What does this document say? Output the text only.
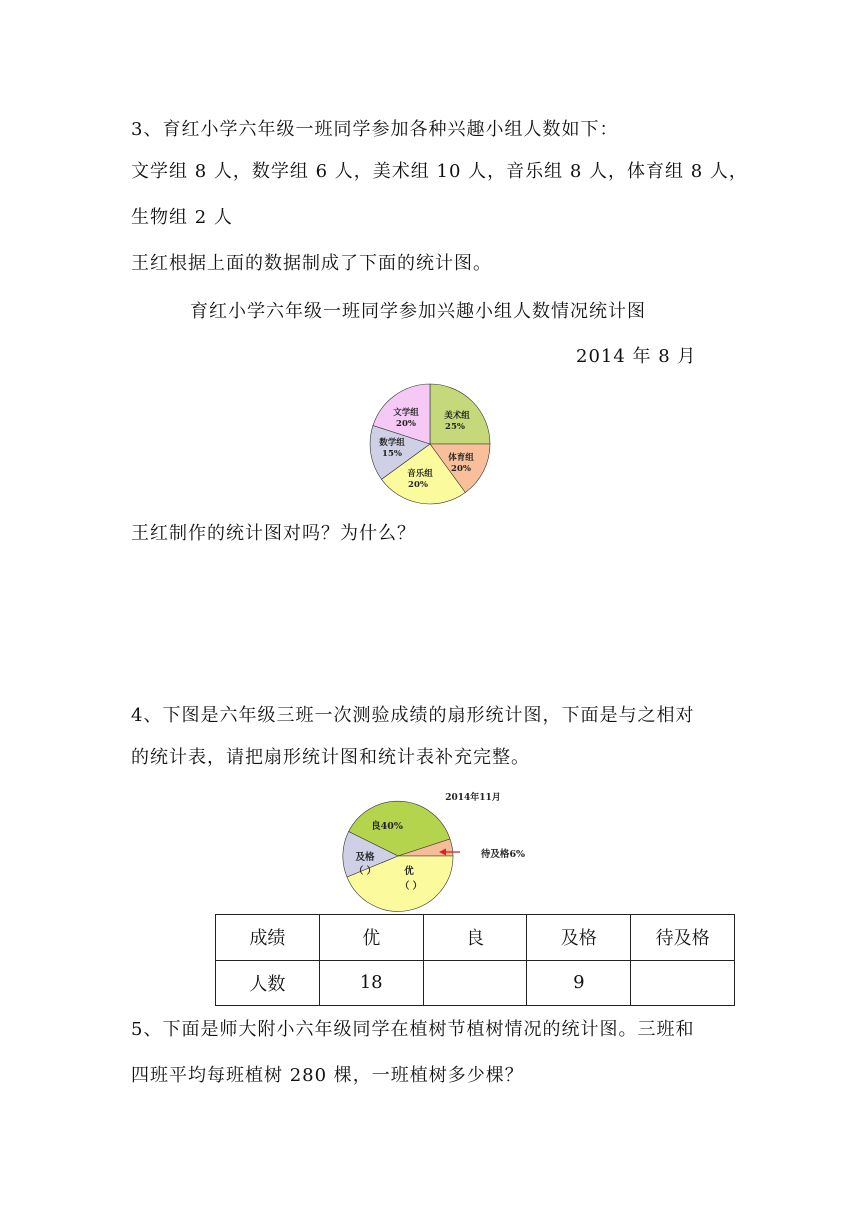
3、育红小学六年级一班同学参加各种兴趣小组人数如下：
文学组 8 人，数学组 6 人，美术组 10 人，音乐组 8 人，体育组 8 人，
生物组 2 人
王红根据上面的数据制成了下面的统计图。
育红小学六年级一班同学参加兴趣小组人数情况统计图
2014 年 8 月
美术组
25%
体育组
20%
音乐组
20%
数学组
15%
文学组
20%
王红制作的统计图对吗？为什么？
4、下图是六年级三班一次测验成绩的扇形统计图，下面是与之相对
的统计表，请把扇形统计图和统计表补充完整。
2014年11月
良40%
优
（ ）
及格
（ ）
待及格6%
成绩	优	良	及格	待及格
人数	18		9	
5、下面是师大附小六年级同学在植树节植树情况的统计图。三班和
四班平均每班植树 280 棵，一班植树多少棵？
